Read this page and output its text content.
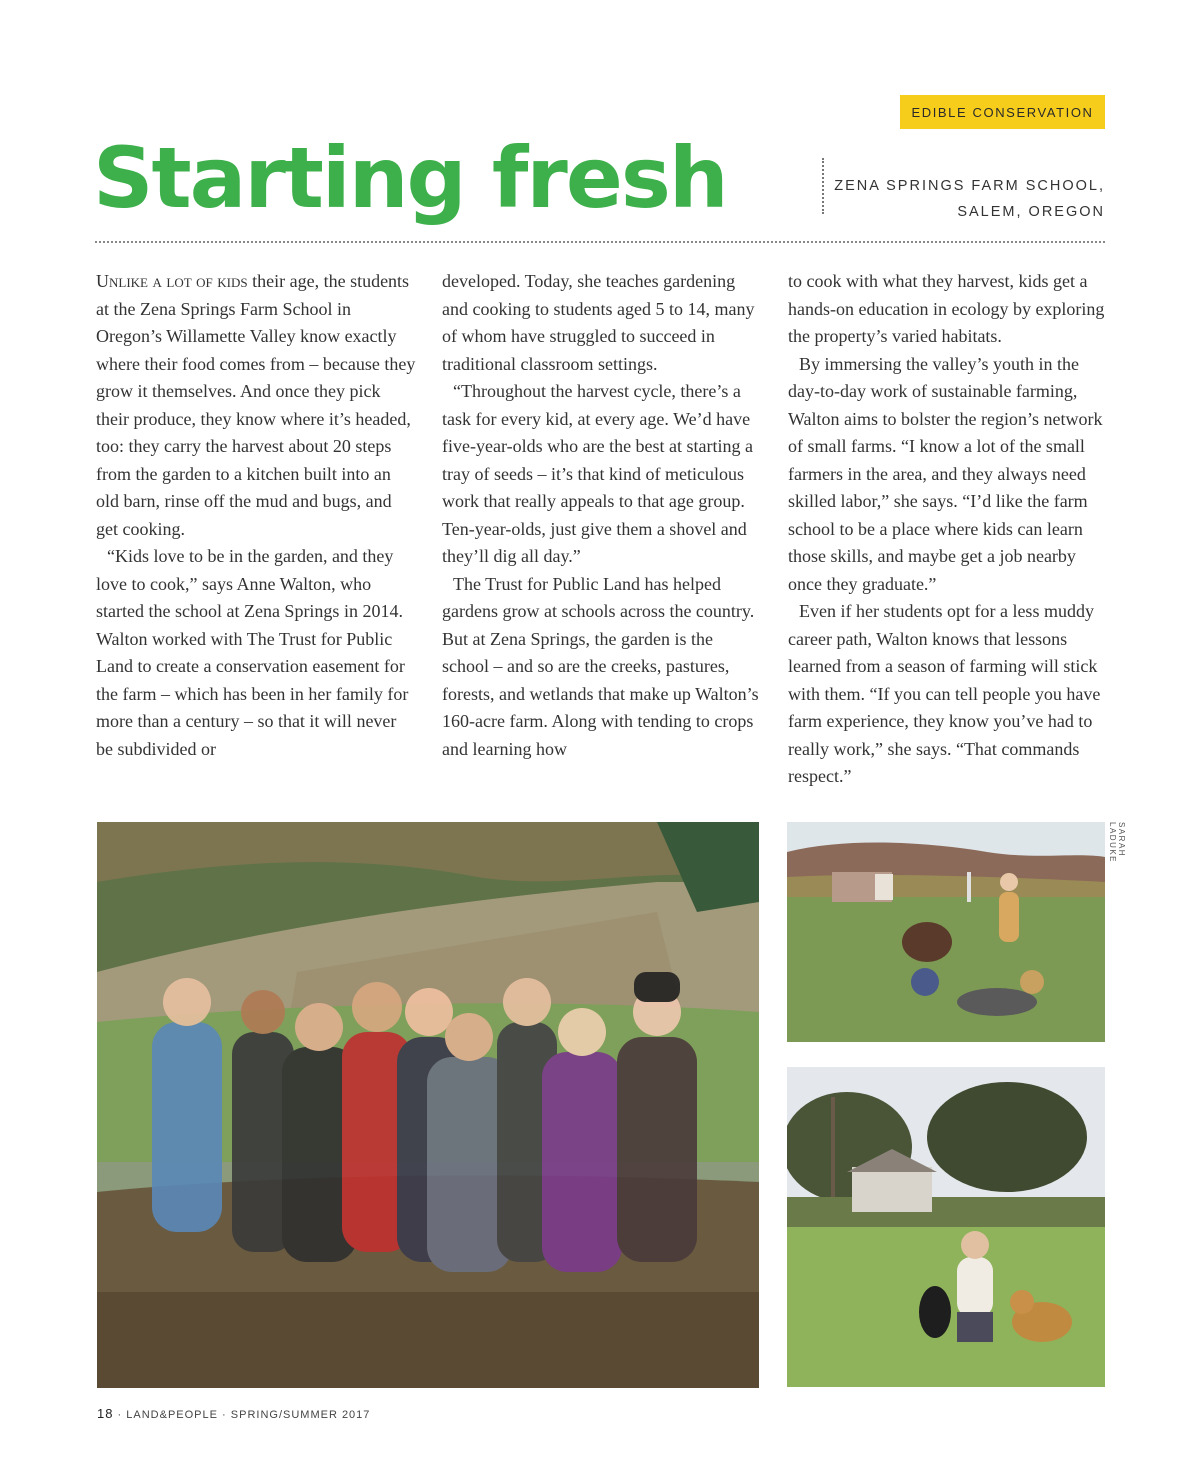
EDIBLE CONSERVATION
Starting fresh	ZENA SPRINGS FARM SCHOOL,
SALEM, OREGON

Unlike a lot of kids their age, the students at the Zena Springs Farm School in Oregon’s Willamette Valley know exactly where their food comes from – because they grow it themselves. And once they pick their produce, they know where it’s headed, too: they carry the harvest about 20 steps from the garden to a kitchen built into an old barn, rinse off the mud and bugs, and get cooking.

“Kids love to be in the garden, and they love to cook,” says Anne Walton, who started the school at Zena Springs in 2014. Walton worked with The Trust for Public Land to create a conservation easement for the farm – which has been in her family for more than a century – so that it will never be subdivided or

developed. Today, she teaches gardening and cooking to students aged 5 to 14, many of whom have struggled to succeed in traditional classroom settings.

“Throughout the harvest cycle, there’s a task for every kid, at every age. We’d have five-year-olds who are the best at starting a tray of seeds – it’s that kind of meticulous work that really appeals to that age group. Ten-year-olds, just give them a shovel and they’ll dig all day.”

The Trust for Public Land has helped gardens grow at schools across the country. But at Zena Springs, the garden is the school – and so are the creeks, pastures, forests, and wetlands that make up Walton’s 160-acre farm. Along with tending to crops and learning how

to cook with what they harvest, kids get a hands-on education in ecology by exploring the property’s varied habitats.

By immersing the valley’s youth in the day-to-day work of sustainable farming, Walton aims to bolster the region’s network of small farms. “I know a lot of the small farmers in the area, and they always need skilled labor,” she says. “I’d like the farm school to be a place where kids can learn those skills, and maybe get a job nearby once they graduate.”

Even if her students opt for a less muddy career path, Walton knows that lessons learned from a season of farming will stick with them. “If you can tell people you have farm experience, they know you’ve had to really work,” she says. “That commands respect.”

SARAH LADUKE
18 · LAND&PEOPLE · SPRING/SUMMER 2017
